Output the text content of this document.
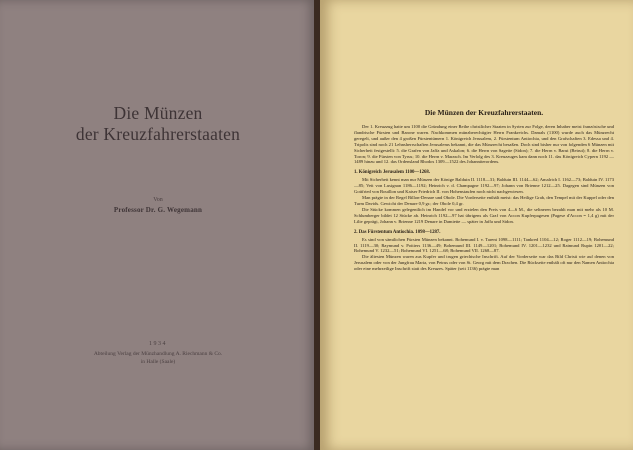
Die Münzen
der Kreuzfahrerstaaten
Von
Professor Dr. G. Wegemann
1934
Abteilung Verlag der Münzhandlung A. Riechmann & Co.
in Halle (Saale)
Die Münzen der Kreuzfahrerstaaten.

Der 1. Kreuzzug hatte um 1100 die Gründung einer Reihe christlicher Staaten in Syrien zur Folge, deren Inhaber meist französische und flandrische Fürsten und Barone waren. Nachkommen münzberechtigter Herrn Frankreichs. Damals (1100) wurde auch das Münzrecht geregelt, und außer den 4 großen Fürstentümern 1. Königreich Jerusalem, 2. Fürstentum Antiochia, und den Grafschaften 3. Edessa und 4. Tripolis sind noch 21 Lehnsherrschaften Jerusalems bekannt, die das Münzrecht besaßen. Doch sind bisher nur von folgenden 6 Münzen mit Sicherheit festgestellt: 5. die Grafen von Jaffa und Askalon; 6. die Herrn von Sagette (Sidon); 7. die Herrn v. Barut (Beirut); 8. die Herrn v. Toron; 9. die Fürsten von Tyrus; 10. die Herrn v. Marasch. Im Verlolg des 3. Kreuzzuges kam dann noch 11. das Königreich Cypern 1192 —1489 hinzu und 12. das Ordensland Rhodos 1309—1522 des Johanniterordens.

1. Königreich Jerusalem 1100—1268.

Mit Sicherheit kennt man nur Münzen der Könige Balduin II. 1118—31; Balduin III. 1144—62; Amalrich I. 1162—73; Balduin IV. 1173—85; Veit von Lusignan 1186—1192; Heinrich v. d. Champagne 1192—97; Johann von Brienne 1212—25. Dagegen sind Münzen von Gottfried von Bouillon und Kaiser Friedrich II. von Hohenstaufen noch nicht nachgewiesen.

Man prägte in der Regel Billon-Denare und Obole. Die Vorderseite enthält meist: das Heilige Grab, den Tempel mit der Kuppel oder den Turm Davids. Gewicht der Denare 0,9 gr.; der Obole 0,4 gr.

Die Stücke kommen gelegentlich im Handel vor und erzielen den Preis von 4—6 M., die seltneren bezahlt man mit mehr als 10 M. Schlumberger bildet 12 Stücke ab. Heinrich 1192—97 hat übrigens als Graf von Accon Kupferpagesen (Pagese d'Accon = 1,4 g) mit der Lilie geprägt, Johann v. Brienne 1219 Denare in Damiette — später in Jaffa und Sidon.

2. Das Fürstentum Antiochia. 1098—1287.

Es sind von sämtlichen Fürsten Münzen bekannt. Bohemund I. v. Tarent 1098—1111; Tankred 1104—12; Roger 1112—19; Bohemund II. 1119—30; Raymund v. Poitiers 1136—49; Bohemund III. 1149—1201; Bohemund IV. 1201—1232 und Raimund Rupin 1201—22; Bohemund V. 1232—51; Bohemund VI. 1251—68; Bohemund VII. 1268—87.

Die ältesten Münzen waren aus Kupfer und trugen griechische Inschrift. Auf der Vorderseite war das Bild Christi wie auf denen von Jerusalem oder von der Jungfrau Maria, von Petrus oder von St. Georg mit dem Drachen. Die Rückseite enthält oft nur den Namen Antiochia oder eine mehrzeilige Inschrift statt des Kreuzes. Später (seit 1136) prägte man
